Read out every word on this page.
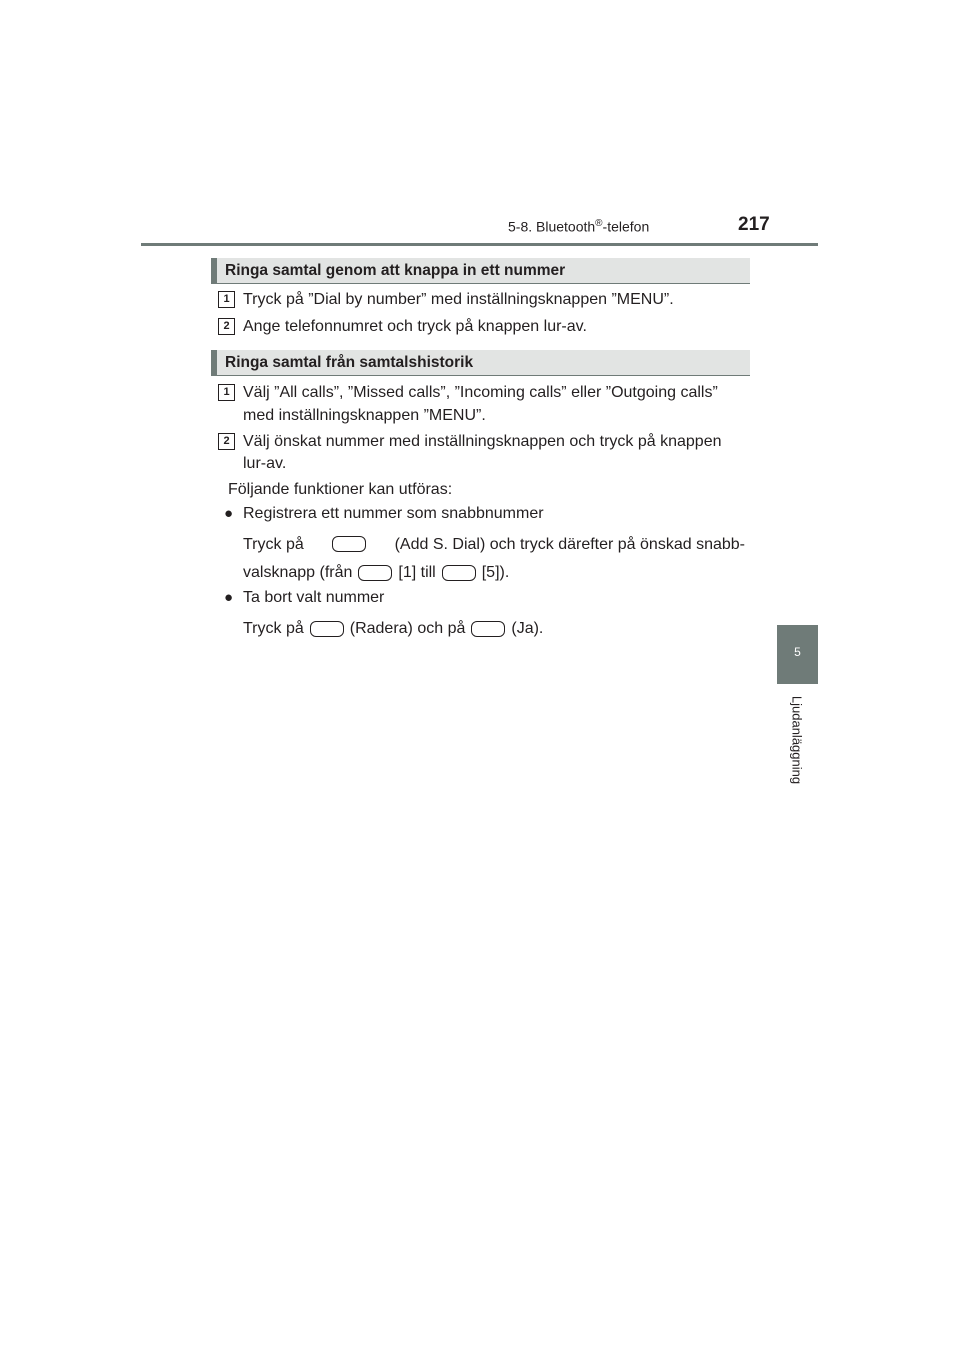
5-8. Bluetooth®-telefon	217
Ringa samtal genom att knappa in ett nummer
1 Tryck på ”Dial by number” med inställningsknappen ”MENU”.
2 Ange telefonnumret och tryck på knappen lur-av.
Ringa samtal från samtalshistorik
1 Välj ”All calls”, ”Missed calls”, ”Incoming calls” eller ”Outgoing calls”
med inställningsknappen ”MENU”.
2 Välj önskat nummer med inställningsknappen och tryck på knappen
lur-av.
Följande funktioner kan utföras:
● Registrera ett nummer som snabbnummer
Tryck på	(Add S. Dial) och tryck därefter på önskad snabb-
valsknapp (från	[1] till	[5]).
● Ta bort valt nummer
Tryck på	(Radera) och på	(Ja).
5
Ljudanläggning
